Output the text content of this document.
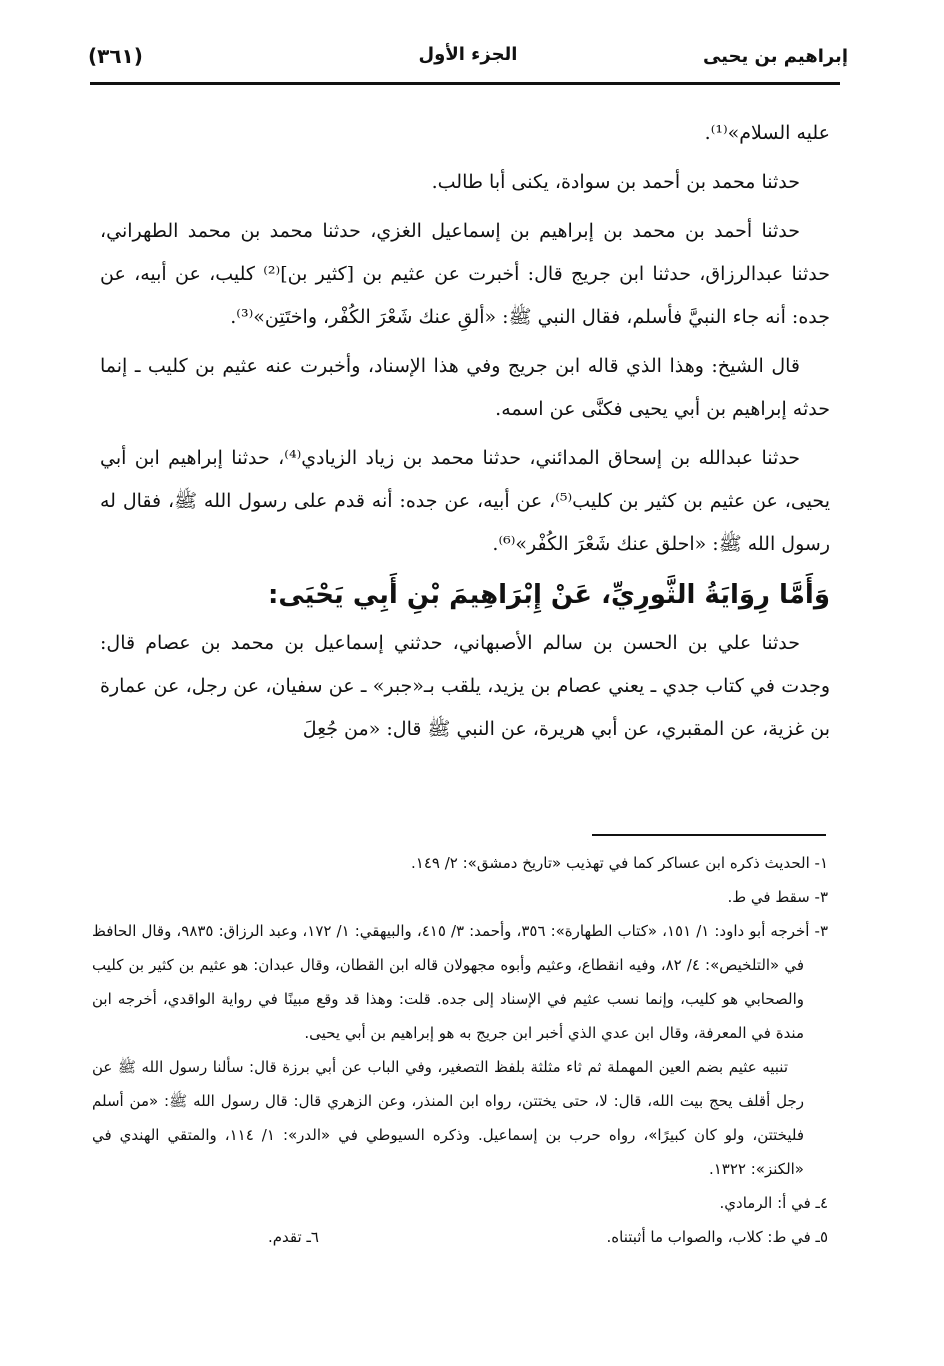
إبراهيم بن يحيى
الجزء الأول
(٣٦١)

عليه السلام»⁽¹⁾.

حدثنا محمد بن أحمد بن سوادة، يكنى أبا طالب.

حدثنا أحمد بن محمد بن إبراهيم بن إسماعيل الغزي، حدثنا محمد بن محمد الطهراني، حدثنا عبدالرزاق، حدثنا ابن جريج قال: أخبرت عن عثيم بن [كثير بن]⁽²⁾ كليب، عن أبيه، عن جده: أنه جاء النبيَّ فأسلم، فقال النبي ﷺ: «ألقِ عنك شَعْرَ الكُفْر، واختَتِن»⁽³⁾.

قال الشيخ: وهذا الذي قاله ابن جريج وفي هذا الإسناد، وأخبرت عنه عثيم بن كليب ـ إنما حدثه إبراهيم بن أبي يحيى فكنَّى عن اسمه.

حدثنا عبدالله بن إسحاق المدائني، حدثنا محمد بن زياد الزيادي⁽⁴⁾، حدثنا إبراهيم ابن أبي يحيى، عن عثيم بن كثير بن كليب⁽⁵⁾، عن أبيه، عن جده: أنه قدم على رسول الله ﷺ، فقال له رسول الله ﷺ: «احلق عنك شَعْرَ الكُفْر»⁽⁶⁾.

وَأَمَّا رِوَايَةُ الثَّورِيِّ، عَنْ إِبْرَاهِيمَ بْنِ أَبِي يَحْيَى:

حدثنا علي بن الحسن بن سالم الأصبهاني، حدثني إسماعيل بن محمد بن عصام قال: وجدت في كتاب جدي ـ يعني عصام بن يزيد، يلقب بـ«جبر» ـ عن سفيان، عن رجل، عن عمارة بن غزية، عن المقبري، عن أبي هريرة، عن النبي ﷺ قال: «من جُعِلَ

١- الحديث ذكره ابن عساكر كما في تهذيب «تاريخ دمشق»: ٢/ ١٤٩.

٣- سقط في ط.

٣- أخرجه أبو داود: ١/ ١٥١، «كتاب الطهارة»: ٣٥٦، وأحمد: ٣/ ٤١٥، والبيهقي: ١/ ١٧٢، وعبد الرزاق: ٩٨٣٥، وقال الحافظ في «التلخيص»: ٤/ ٨٢، وفيه انقطاع، وعثيم وأبوه مجهولان قاله ابن القطان، وقال عبدان: هو عثيم بن كثير بن كليب والصحابي هو كليب، وإنما نسب عثيم في الإسناد إلى جده. قلت: وهذا قد وقع مبينًا في رواية الواقدي، أخرجه ابن مندة في المعرفة، وقال ابن عدي الذي أخبر ابن جريج به هو إبراهيم بن أبي يحيى.

تنبيه عثيم بضم العين المهملة ثم ثاء مثلثة بلفظ التصغير، وفي الباب عن أبي برزة قال: سألنا رسول الله ﷺ عن رجل أقلف يحج بيت الله، قال: لا، حتى يختتن، رواه ابن المنذر، وعن الزهري قال: قال رسول الله ﷺ: «من أسلم فليختتن، ولو كان كبيرًا»، رواه حرب بن إسماعيل. وذكره السيوطي في «الدر»: ١/ ١١٤، والمتقي الهندي في «الكنز»: ١٣٢٢.

٤ـ في أ: الرمادي.

٥ـ في ط: كلاب، والصواب ما أثبتناه.

٦ـ تقدم.
